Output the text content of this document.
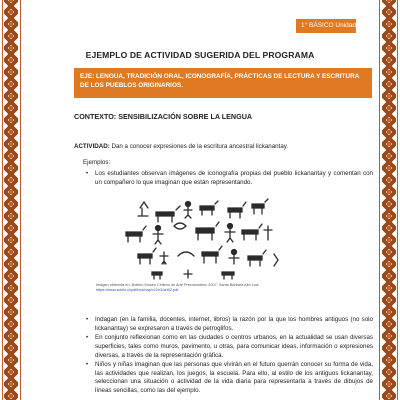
1° BÁSICO Unidad 4
EJEMPLO DE ACTIVIDAD SUGERIDA DEL PROGRAMA
EJE: LENGUA, TRADICIÓN ORAL, ICONOGRAFÍA, PRÁCTICAS DE LECTURA Y ESCRITURA DE LOS PUEBLOS ORIGINARIOS.
CONTEXTO: SENSIBILIZACIÓN SOBRE LA LENGUA
ACTIVIDAD: Dan a conocer expresiones de la escritura ancestral lickanantay.
Ejemplos:
• Los estudiantes observan imágenes de iconografía propias del pueblo lickanantay y comentan con un compañero lo que imaginan que están representando.
Imagen obtenida en: Boletín Museo Chileno de Arte Precolombino 2007, Santa Bárbara Alto Loa.
https://www.scielo.cl/pdf/bmchap/v12n2/art02.pdf
• Indagan (en la familia, docentes, internet, libros) la razón por la que los hombres antiguos (no solo lickanantay) se expresaron a través de petroglifos.
• En conjunto reflexionan como en las ciudades o centros urbanos, en la actualidad se usan diversas superficies, tales como muros, pavimento, u otras, para comunicar ideas, información o expresiones diversas, a través de la representación gráfica.
• Niños y niñas imaginan que las personas que vivirán en el futuro querrán conocer su forma de vida, las actividades que realizan, los juegos, la escuela. Para ello, al estilo de los antiguos lickanantay, seleccionan una situación o actividad de la vida diaria para representarla a través de dibujos de líneas sencillas, como las del ejemplo.
